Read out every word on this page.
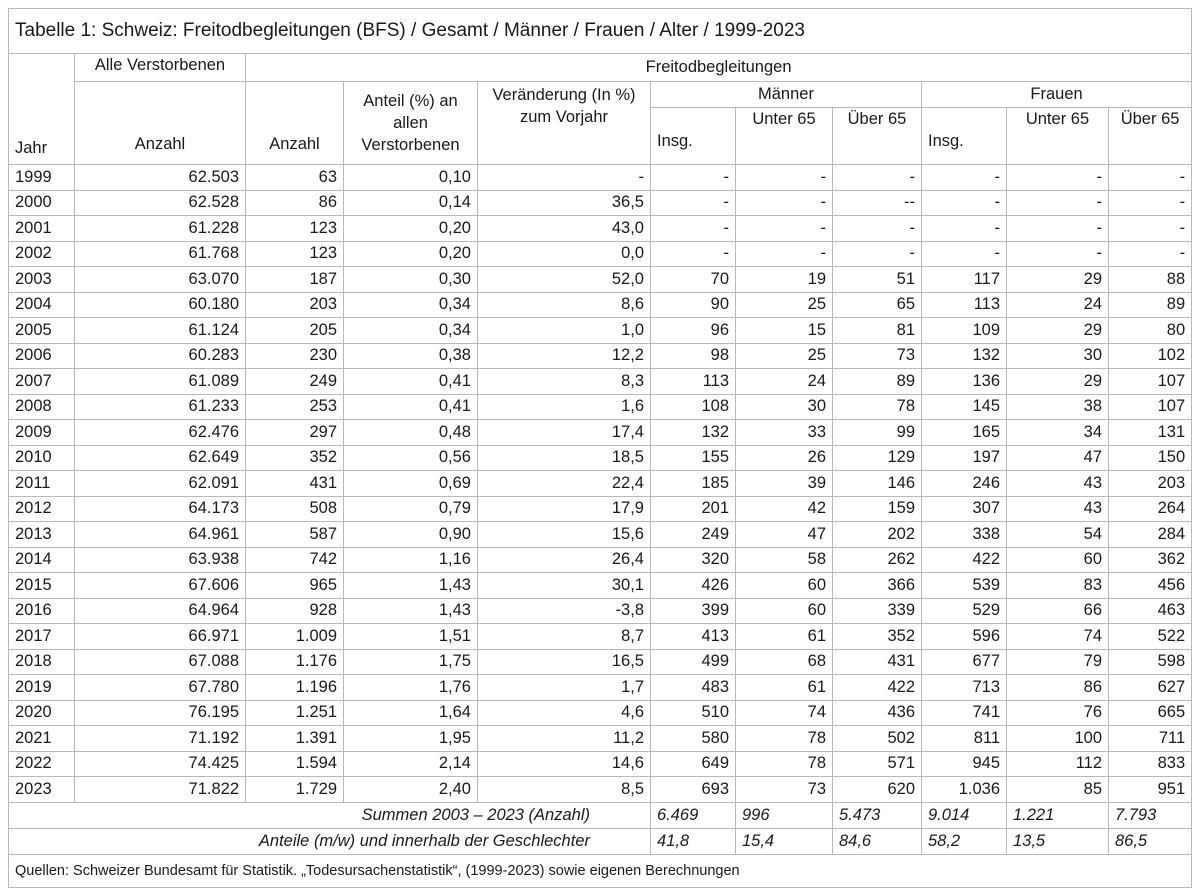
Tabelle 1: Schweiz: Freitodbegleitungen (BFS) / Gesamt / Männer / Frauen / Alter / 1999-2023										
Jahr	Alle Verstorbenen	Freitodbegleitungen								
	Anzahl	Anzahl	Anteil (%) an allen Verstorbenen	Veränderung (In %) zum Vorjahr	Männer			Frauen		
					Insg.	Unter 65	Über 65	Insg.	Unter 65	Über 65
1999	62.503	63	0,10	-	-	-	-	-	-	-
2000	62.528	86	0,14	36,5	-	-	--	-	-	-
2001	61.228	123	0,20	43,0	-	-	-	-	-	-
2002	61.768	123	0,20	0,0	-	-	-	-	-	-
2003	63.070	187	0,30	52,0	70	19	51	117	29	88
2004	60.180	203	0,34	8,6	90	25	65	113	24	89
2005	61.124	205	0,34	1,0	96	15	81	109	29	80
2006	60.283	230	0,38	12,2	98	25	73	132	30	102
2007	61.089	249	0,41	8,3	113	24	89	136	29	107
2008	61.233	253	0,41	1,6	108	30	78	145	38	107
2009	62.476	297	0,48	17,4	132	33	99	165	34	131
2010	62.649	352	0,56	18,5	155	26	129	197	47	150
2011	62.091	431	0,69	22,4	185	39	146	246	43	203
2012	64.173	508	0,79	17,9	201	42	159	307	43	264
2013	64.961	587	0,90	15,6	249	47	202	338	54	284
2014	63.938	742	1,16	26,4	320	58	262	422	60	362
2015	67.606	965	1,43	30,1	426	60	366	539	83	456
2016	64.964	928	1,43	-3,8	399	60	339	529	66	463
2017	66.971	1.009	1,51	8,7	413	61	352	596	74	522
2018	67.088	1.176	1,75	16,5	499	68	431	677	79	598
2019	67.780	1.196	1,76	1,7	483	61	422	713	86	627
2020	76.195	1.251	1,64	4,6	510	74	436	741	76	665
2021	71.192	1.391	1,95	11,2	580	78	502	811	100	711
2022	74.425	1.594	2,14	14,6	649	78	571	945	112	833
2023	71.822	1.729	2,40	8,5	693	73	620	1.036	85	951
Summen 2003 – 2023 (Anzahl)					6.469	996	5.473	9.014	1.221	7.793
Anteile (m/w) und innerhalb der Geschlechter					41,8	15,4	84,6	58,2	13,5	86,5
Quellen: Schweizer Bundesamt für Statistik. „Todesursachenstatistik“, (1999-2023) sowie eigenen Berechnungen										
